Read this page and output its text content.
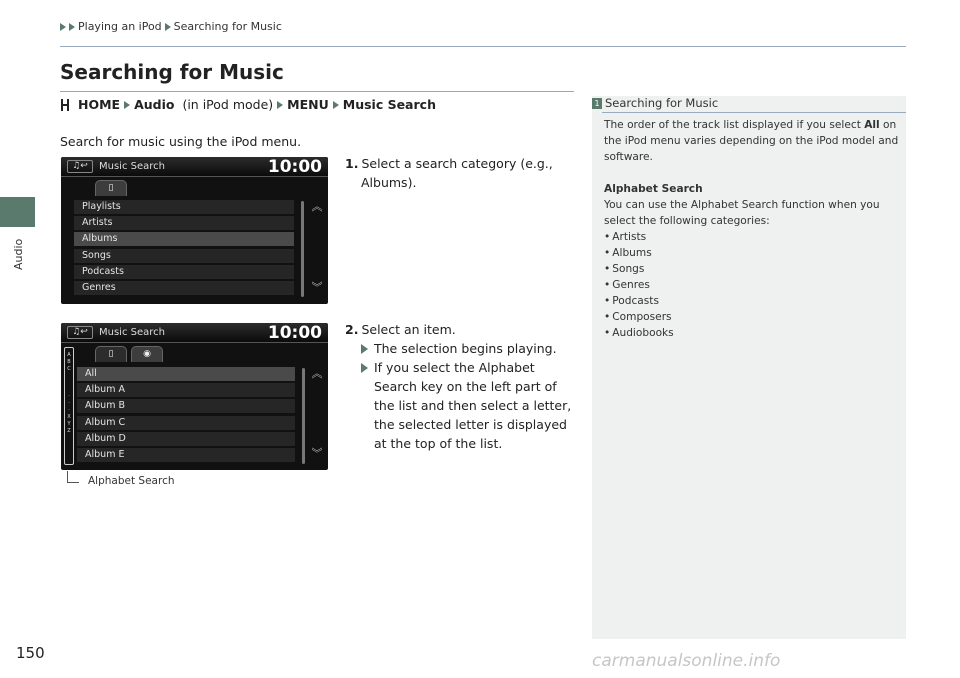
Playing an iPod Searching for Music
Audio
Searching for Music
HOME Audio (in iPod mode) MENU Music Search
Search for music using the iPod menu.
♫↩	Music Search	10:00
▯
Playlists
Artists
Albums
Songs
Podcasts
Genres
︽
︾
♫↩	Music Search	10:00
▯	◉
A
B
C
·
·
·
X
Y
Z
All
Album A
Album B
Album C
Album D
Album E
︽
︾
Alphabet Search
1. Select a search category (e.g.,
Albums).
2. Select an item.
The selection begins playing.
If you select the Alphabet Search key on the left part of the list and then select a letter, the selected letter is displayed at the top of the list.
1 Searching for Music

The order of the track list displayed if you select All on the iPod menu varies depending on the iPod model and software.

Alphabet Search

You can use the Alphabet Search function when you select the following categories:

• Artists
• Albums
• Songs
• Genres
• Podcasts
• Composers
• Audiobooks
150	carmanualsonline.info
